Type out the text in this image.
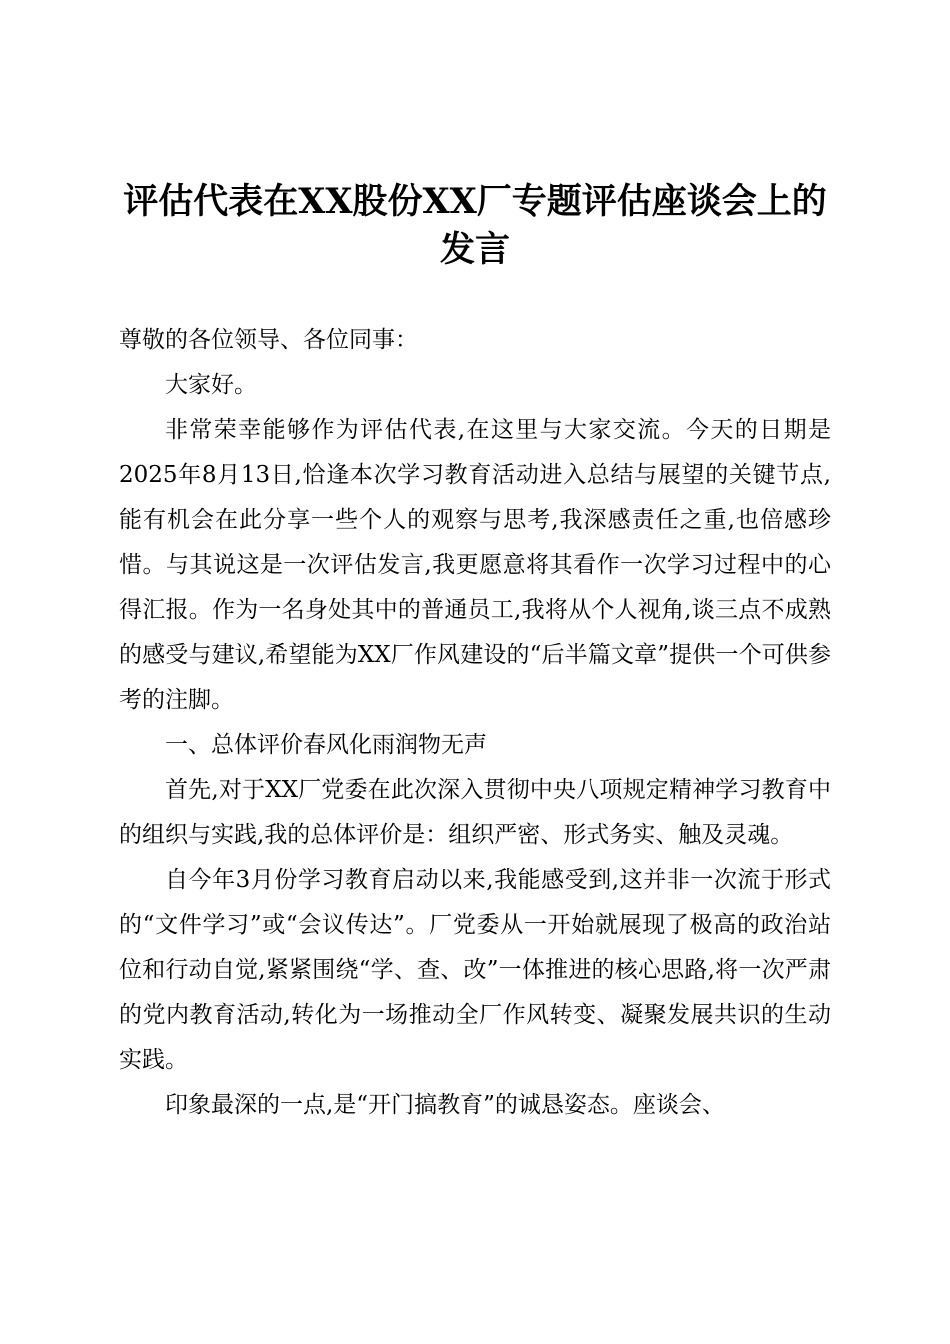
评估代表在XX股份XX厂专题评估座谈会上的发言

尊敬的各位领导、各位同事：

大家好。

非常荣幸能够作为评估代表,在这里与大家交流。今天的日期是2025年8月13日,恰逢本次学习教育活动进入总结与展望的关键节点,能有机会在此分享一些个人的观察与思考,我深感责任之重,也倍感珍惜。与其说这是一次评估发言,我更愿意将其看作一次学习过程中的心得汇报。作为一名身处其中的普通员工,我将从个人视角,谈三点不成熟的感受与建议,希望能为XX厂作风建设的“后半篇文章”提供一个可供参考的注脚。

一、总体评价春风化雨润物无声

首先,对于XX厂党委在此次深入贯彻中央八项规定精神学习教育中的组织与实践,我的总体评价是：组织严密、形式务实、触及灵魂。

自今年3月份学习教育启动以来,我能感受到,这并非一次流于形式的“文件学习”或“会议传达”。厂党委从一开始就展现了极高的政治站位和行动自觉,紧紧围绕“学、查、改”一体推进的核心思路,将一次严肃的党内教育活动,转化为一场推动全厂作风转变、凝聚发展共识的生动实践。

印象最深的一点,是“开门搞教育”的诚恳姿态。座谈会、
